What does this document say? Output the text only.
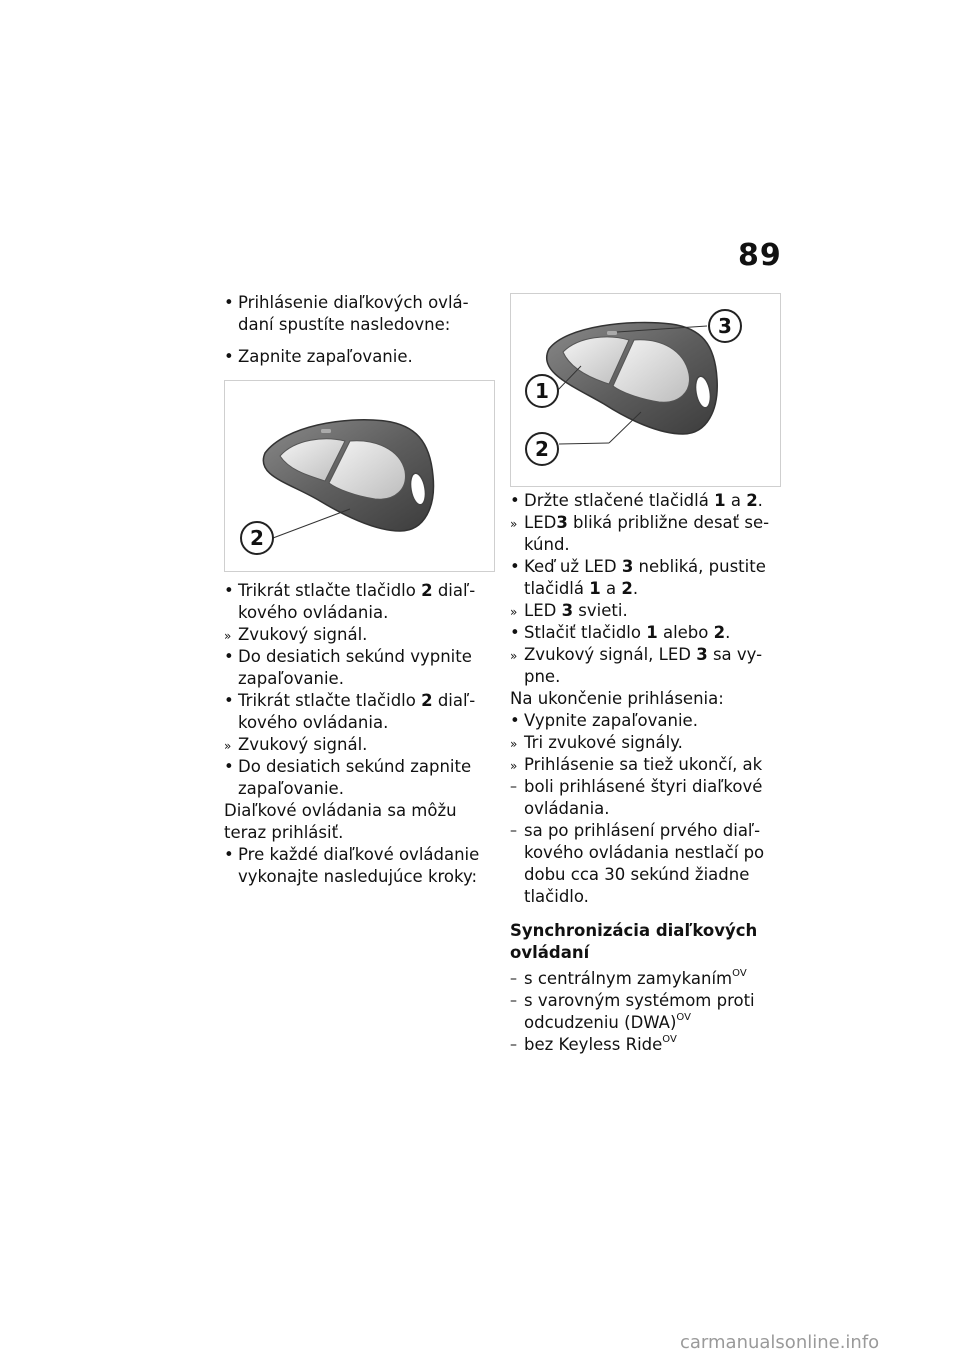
89

• Prihlásenie diaľkových ovlá- daní spustíte nasledovne:

• Zapnite zapaľovanie.

2

• Trikrát stlačte tlačidlo 2 diaľ- kového ovládania.

» Zvukový signál.

• Do desiatich sekúnd vypnite zapaľovanie.

• Trikrát stlačte tlačidlo 2 diaľ- kového ovládania.

» Zvukový signál.

• Do desiatich sekúnd zapnite zapaľovanie.

Diaľkové ovládania sa môžu teraz prihlásiť.

• Pre každé diaľkové ovládanie vykonajte nasledujúce kroky:

3
1
2

• Držte stlačené tlačidlá 1 a 2.

» LED3 bliká približne desať se- kúnd.

• Keď už LED 3 nebliká, pustite tlačidlá 1 a 2.

» LED 3 svieti.

• Stlačiť tlačidlo 1 alebo 2.

» Zvukový signál, LED 3 sa vy- pne.

Na ukončenie prihlásenia:

• Vypnite zapaľovanie.

» Tri zvukové signály.

» Prihlásenie sa tiež ukončí, ak

– boli prihlásené štyri diaľkové ovládania.

– sa po prihlásení prvého diaľ- kového ovládania nestlačí po dobu cca 30 sekúnd žiadne tlačidlo.

Synchronizácia diaľkových ovládaní

– s centrálnym zamykaním$^{OV}$

– s varovným systémom proti odcudzeniu (DWA)$^{OV}$

– bez Keyless Ride$^{OV}$

carmanualsonline.info
